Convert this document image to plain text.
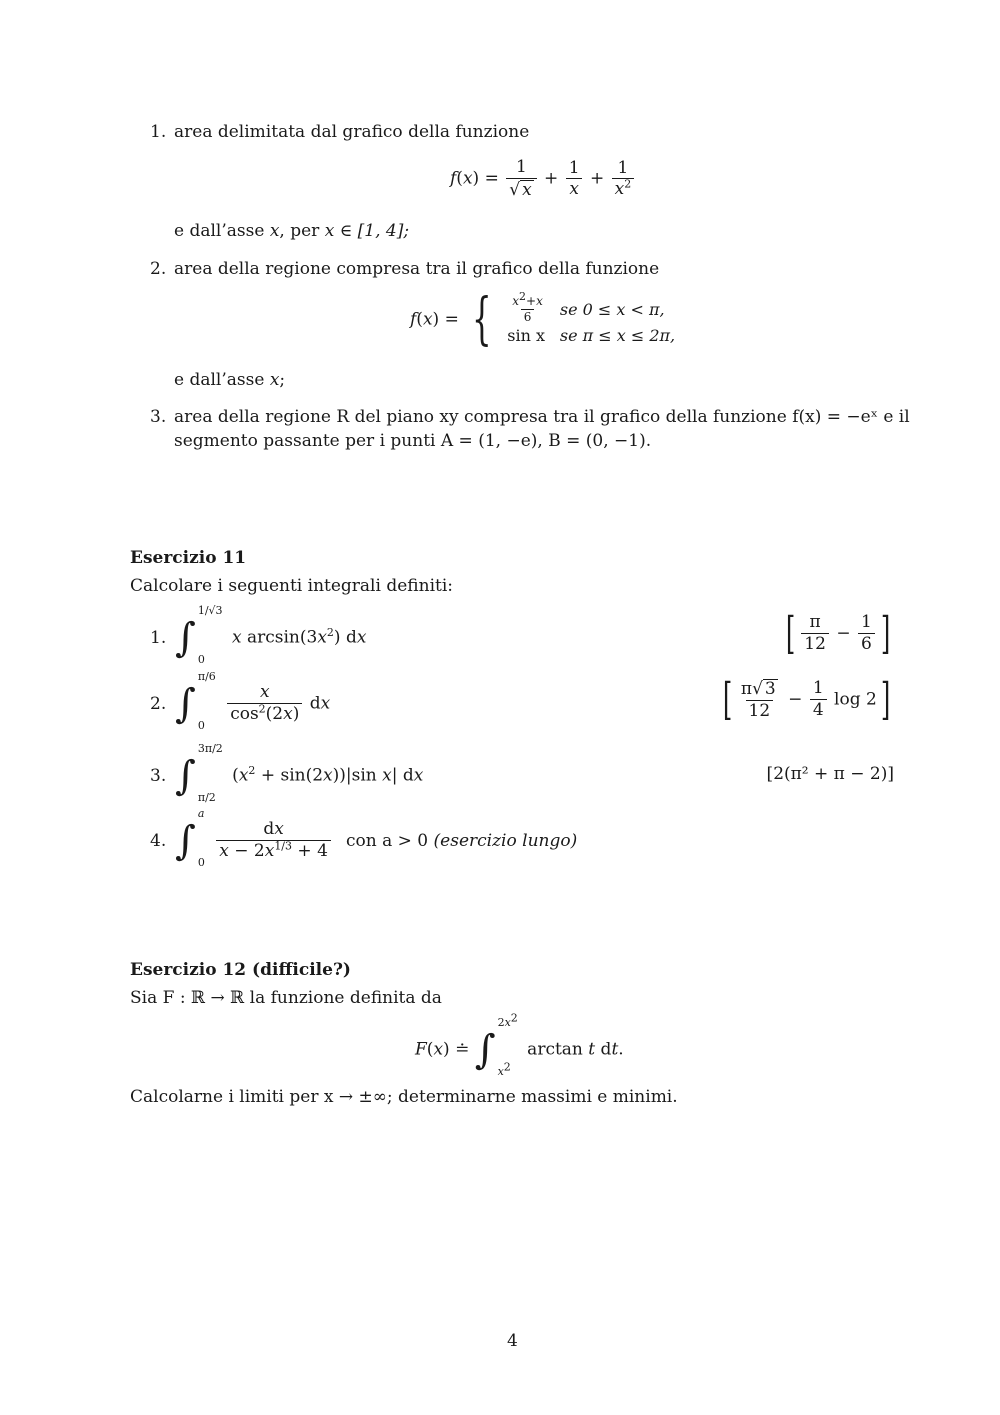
1. area delimitata dal grafico della funzione
$f(x) = \frac{1}{√ x} + \frac{1}{x} + \frac{1}{x^2}$
e dall’asse x, per x ∈ [1, 4];
2. area della regione compresa tra il grafico della funzione
f(x) = { $\frac{x^2+x}{6}$	se 0 ≤ x < π,
sin x	se π ≤ x ≤ 2π,
e dall’asse x;
3. area della regione R del piano xy compresa tra il grafico della funzione f(x) = −eˣ e il
segmento passante per i punti A = (1, −e), B = (0, −1).
Esercizio 11
Calcolare i seguenti integrali definiti:
1. ∫
1/√3
0
x $\arcsin(3x^2)$ dx	[ $\frac{\pi}{12} - \frac{1}{6}$ ]
2. ∫
π/6
0

$\frac{x}{\cos^2(2x)}$ dx	[ $\frac{\pi√ 3}{12} - \frac{1}{4}$ log 2]
3. ∫
3π/2
π/2
$(x^2 + \sin(2x))|\sin$ x| dx	[2(π² + π − 2)]
4. ∫
a
0

$\frac{dx}{x - 2x^{1/3} + 4}$ con a > 0 (esercizio lungo)
Esercizio 12 (difficile?)
Sia F : ℝ → ℝ la funzione definita da
F(x) ≐ ∫
$2x^2$
$x^2$
arctan t dt.
Calcolarne i limiti per x → ±∞; determinarne massimi e minimi.
4
